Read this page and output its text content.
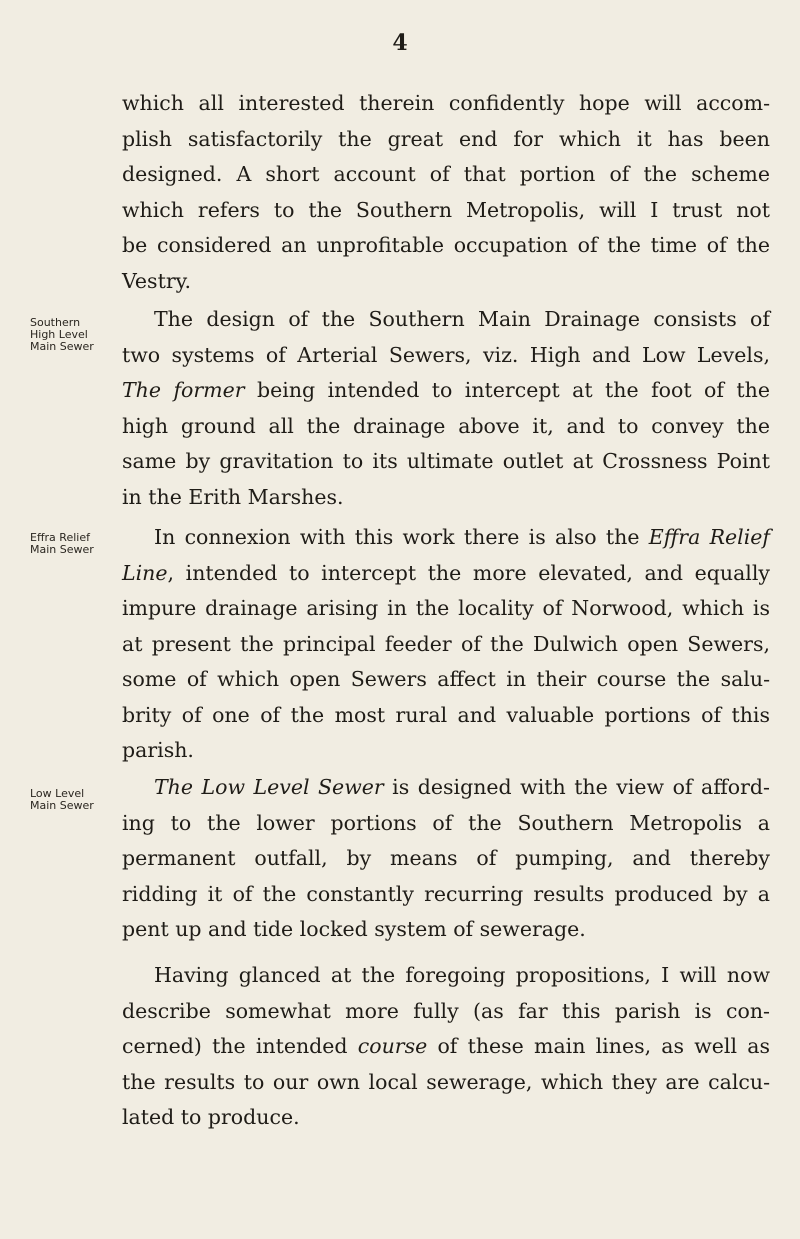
4
which all interested therein confidently hope will accom-
plish satisfactorily the great end for which it has been
designed. A short account of that portion of the scheme
which refers to the Southern Metropolis, will I trust not
be considered an unprofitable occupation of the time of the
Vestry.
Southern
High Level
Main Sewer
The design of the Southern Main Drainage consists of
two systems of Arterial Sewers, viz. High and Low Levels,
The former being intended to intercept at the foot of the
high ground all the drainage above it, and to convey the
same by gravitation to its ultimate outlet at Crossness Point
in the Erith Marshes.
Effra Relief
Main Sewer
In connexion with this work there is also the Effra Relief
Line, intended to intercept the more elevated, and equally
impure drainage arising in the locality of Norwood, which is
at present the principal feeder of the Dulwich open Sewers,
some of which open Sewers affect in their course the salu-
brity of one of the most rural and valuable portions of this
parish.
Low Level
Main Sewer
The Low Level Sewer is designed with the view of afford-
ing to the lower portions of the Southern Metropolis a
permanent outfall, by means of pumping, and thereby
ridding it of the constantly recurring results produced by a
pent up and tide locked system of sewerage.
Having glanced at the foregoing propositions, I will now
describe somewhat more fully (as far this parish is con-
cerned) the intended course of these main lines, as well as
the results to our own local sewerage, which they are calcu-
lated to produce.
